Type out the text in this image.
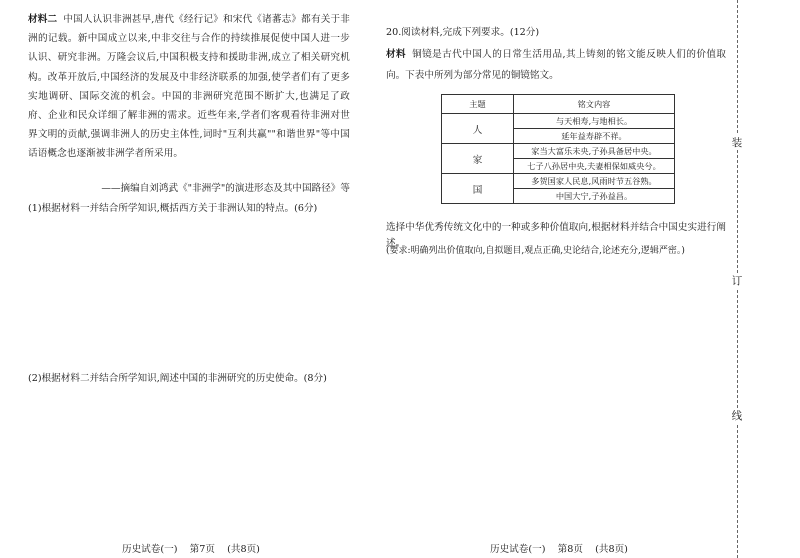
材料二 中国人认识非洲甚早,唐代《经行记》和宋代《诸蕃志》都有关于非洲的记载。新中国成立以来,中非交往与合作的持续推展促使中国人进一步认识、研究非洲。万隆会议后,中国积极支持和援助非洲,成立了相关研究机构。改革开放后,中国经济的发展及中非经济联系的加强,使学者们有了更多实地调研、国际交流的机会。中国的非洲研究范围不断扩大,也满足了政府、企业和民众详细了解非洲的需求。近些年来,学者们客观看待非洲对世界文明的贡献,强调非洲人的历史主体性,词时"互利共赢""和谐世界"等中国话语概念也逐渐被非洲学者所采用。
——摘编自刘鸿武《"非洲学"的演进形态及其中国路径》等
(1)根据材料一并结合所学知识,概括西方关于非洲认知的特点。(6分)
(2)根据材料二并结合所学知识,阐述中国的非洲研究的历史使命。(8分)
历史试卷(一)    第7页    (共8页)
20.阅读材料,完成下列要求。(12分)
材料 铜镜是古代中国人的日常生活用品,其上铸刻的铭文能反映人们的价值取向。下表中所列为部分常见的铜镜铭文。
主题	铭文内容
人	与天相寿,与地相长。
	延年益寿辟不祥。
家	家当大富乐未央,子孙具备居中央。
	七子八孙居中央,夫妻相保如威央兮。
国	多贺国家人民息,风雨时节五谷熟。
	中国大宁,子孙益昌。
选择中华优秀传统文化中的一种或多种价值取向,根据材料并结合中国史实进行阐述。
(要求:明确列出价值取向,自拟题目,观点正确,史论结合,论述充分,逻辑严密。)
历史试卷(一)    第8页    (共8页)
装
订
线
